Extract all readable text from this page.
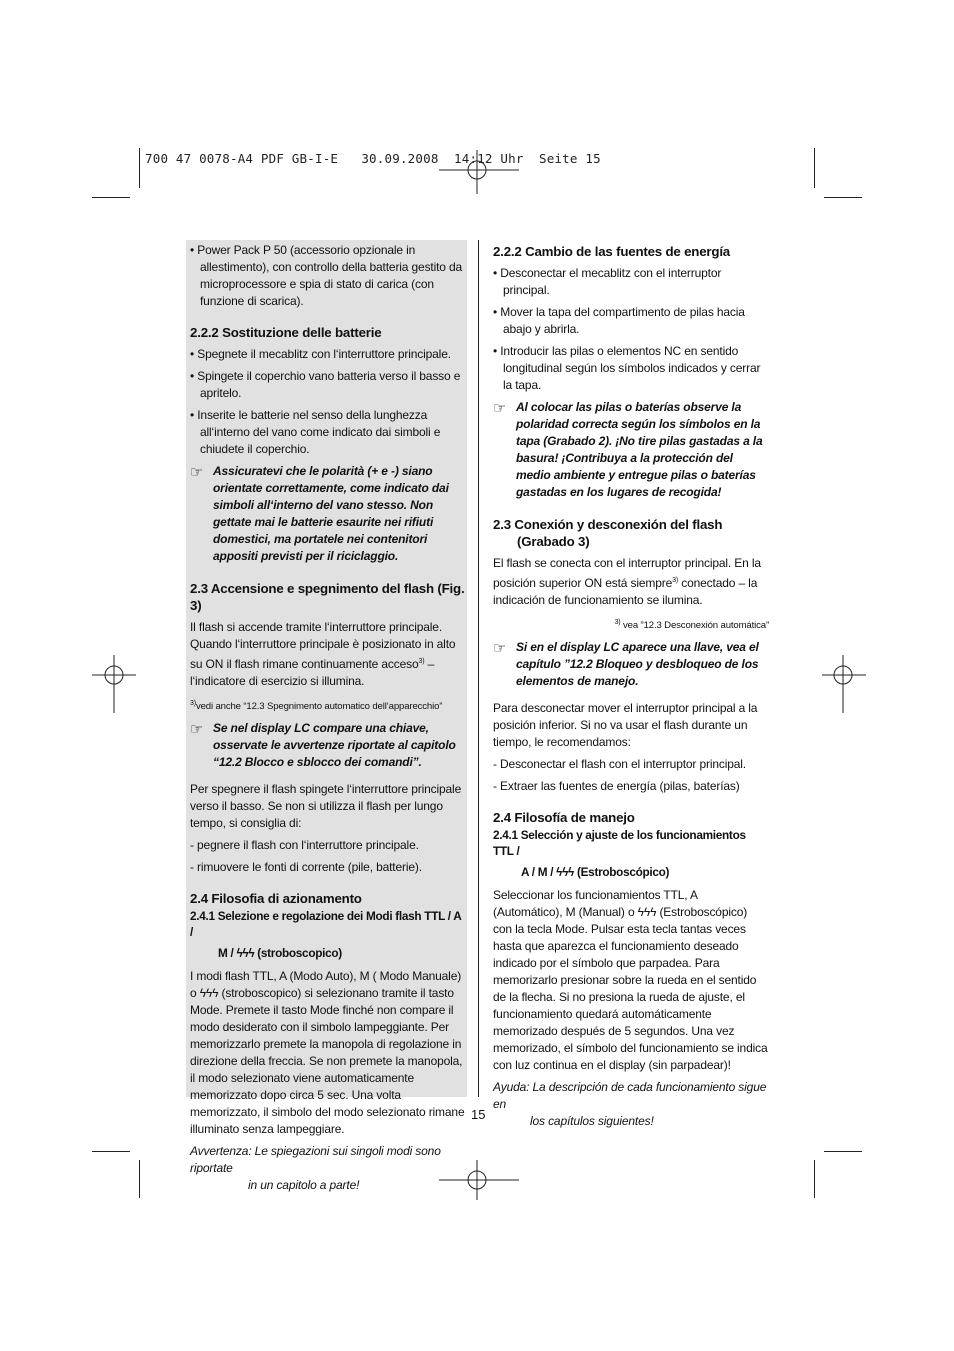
700 47 0078-A4 PDF GB-I-E   30.09.2008  14:12 Uhr  Seite 15

• Power Pack P 50 (accessorio opzionale in allestimento), con controllo della batteria gestito da microprocessore e spia di stato di carica (con funzione di scarica).

2.2.2 Sostituzione delle batterie

• Spegnete il mecablitz con l‘interruttore principale.

• Spingete il coperchio vano batteria verso il basso e apritelo.

• Inserite le batterie nel senso della lunghezza all‘interno del vano come indicato dai simboli e chiudete il coperchio.

☞ Assicuratevi che le polarità (+ e -) siano orientate correttamente, come indicato dai simboli all‘interno del vano stesso. Non gettate mai le batterie esaurite nei rifiuti domestici, ma portatele nei contenitori appositi previsti per il riciclaggio.

2.3 Accensione e spegnimento del flash (Fig. 3)

Il flash si accende tramite l‘interruttore principale. Quando l‘interruttore principale è posizionato in alto su ON il flash rimane continuamente acceso$^{3)}$ – l‘indicatore di esercizio si illumina.

$^{3)}$vedi anche “12.3 Spegnimento automatico dell‘apparecchio”

☞ Se nel display LC compare una chiave, osservate le avvertenze riportate al capitolo “12.2 Blocco e sblocco dei comandi”.

Per spegnere il flash spingete l‘interruttore principale verso il basso. Se non si utilizza il flash per lungo tempo, si consiglia di:

- pegnere il flash con l‘interruttore principale.

- rimuovere le fonti di corrente (pile, batterie).

2.4 Filosofia di azionamento

2.4.1 Selezione e regolazione dei Modi flash TTL / A /

M / ϟϟϟ (stroboscopico)

I modi flash TTL, A (Modo Auto), M ( Modo Manuale) o ϟϟϟ (stroboscopico) si selezionano tramite il tasto Mode. Premete il tasto Mode finché non compare il modo desiderato con il simbolo lampeggiante. Per memorizzarlo premete la manopola di regolazione in direzione della freccia. Se non premete la manopola, il modo selezionato viene automaticamente memorizzato dopo circa 5 sec. Una volta memorizzato, il simbolo del modo selezionato rimane illuminato senza lampeggiare.

Avvertenza: Le spiegazioni sui singoli modi sono riportate

in un capitolo a parte!

2.2.2 Cambio de las fuentes de energía

• Desconectar el mecablitz con el interruptor principal.

• Mover la tapa del compartimento de pilas hacia abajo y abrirla.

• Introducir las pilas o elementos NC en sentido longitudinal según los símbolos indicados y cerrar la tapa.

☞ Al colocar las pilas o baterías observe la polaridad correcta según los símbolos en la tapa (Grabado 2). ¡No tire pilas gastadas a la basura! ¡Contribuya a la protección del medio ambiente y entregue pilas o baterías gastadas en los lugares de recogida!

2.3 Conexión y desconexión del flash

(Grabado 3)

El flash se conecta con el interruptor principal. En la posición superior ON está siempre$^{3)}$ conectado – la indicación de funcionamiento se ilumina.

$^{3)}$ vea ”12.3 Desconexión automática”

☞ Si en el display LC aparece una llave, vea el capítulo ”12.2 Bloqueo y desbloqueo de los elementos de manejo.

Para desconectar mover el interruptor principal a la posición inferior. Si no va usar el flash durante un tiempo, le recomendamos:

- Desconectar el flash con el interruptor principal.

- Extraer las fuentes de energía (pilas, baterías)

2.4 Filosofía de manejo

2.4.1 Selección y ajuste de los funcionamientos TTL /

A / M / ϟϟϟ (Estroboscópico)

Seleccionar los funcionamientos TTL, A (Automático), M (Manual) o ϟϟϟ (Estroboscópico) con la tecla Mode. Pulsar esta tecla tantas veces hasta que aparezca el funcionamiento deseado indicado por el símbolo que parpadea. Para memorizarlo presionar sobre la rueda en el sentido de la flecha. Si no presiona la rueda de ajuste, el funcionamiento quedará automáticamente memorizado después de 5 segundos. Una vez memorizado, el símbolo del funcionamiento se indica con luz continua en el display (sin parpadear)!

Ayuda: La descripción de cada funcionamiento sigue en

los capítulos siguientes!

15
